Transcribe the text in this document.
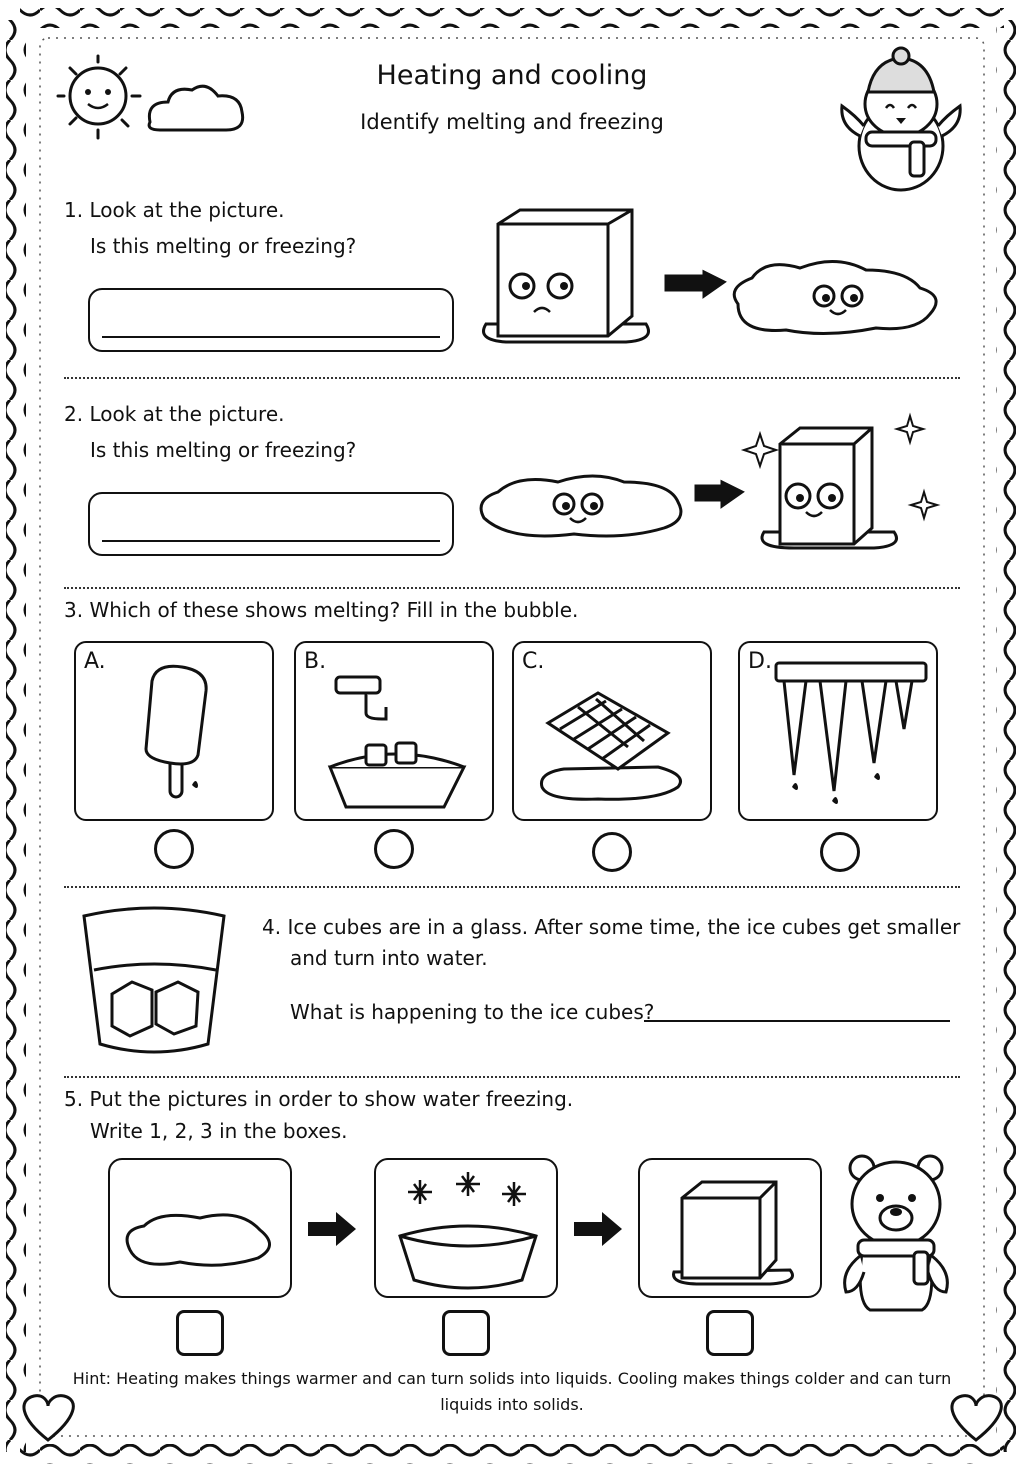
Heating and cooling
Identify melting and freezing
1. Look at the picture.
Is this melting or freezing?
2. Look at the picture.
Is this melting or freezing?
3. Which of these shows melting? Fill in the bubble.
A.	B.	C.	D.
4. Ice cubes are in a glass. After some time, the ice cubes get smaller
and turn into water.
What is happening to the ice cubes?
5. Put the pictures in order to show water freezing.
Write 1, 2, 3 in the boxes.
Hint: Heating makes things warmer and can turn solids into liquids. Cooling makes things colder and can turn
liquids into solids.
